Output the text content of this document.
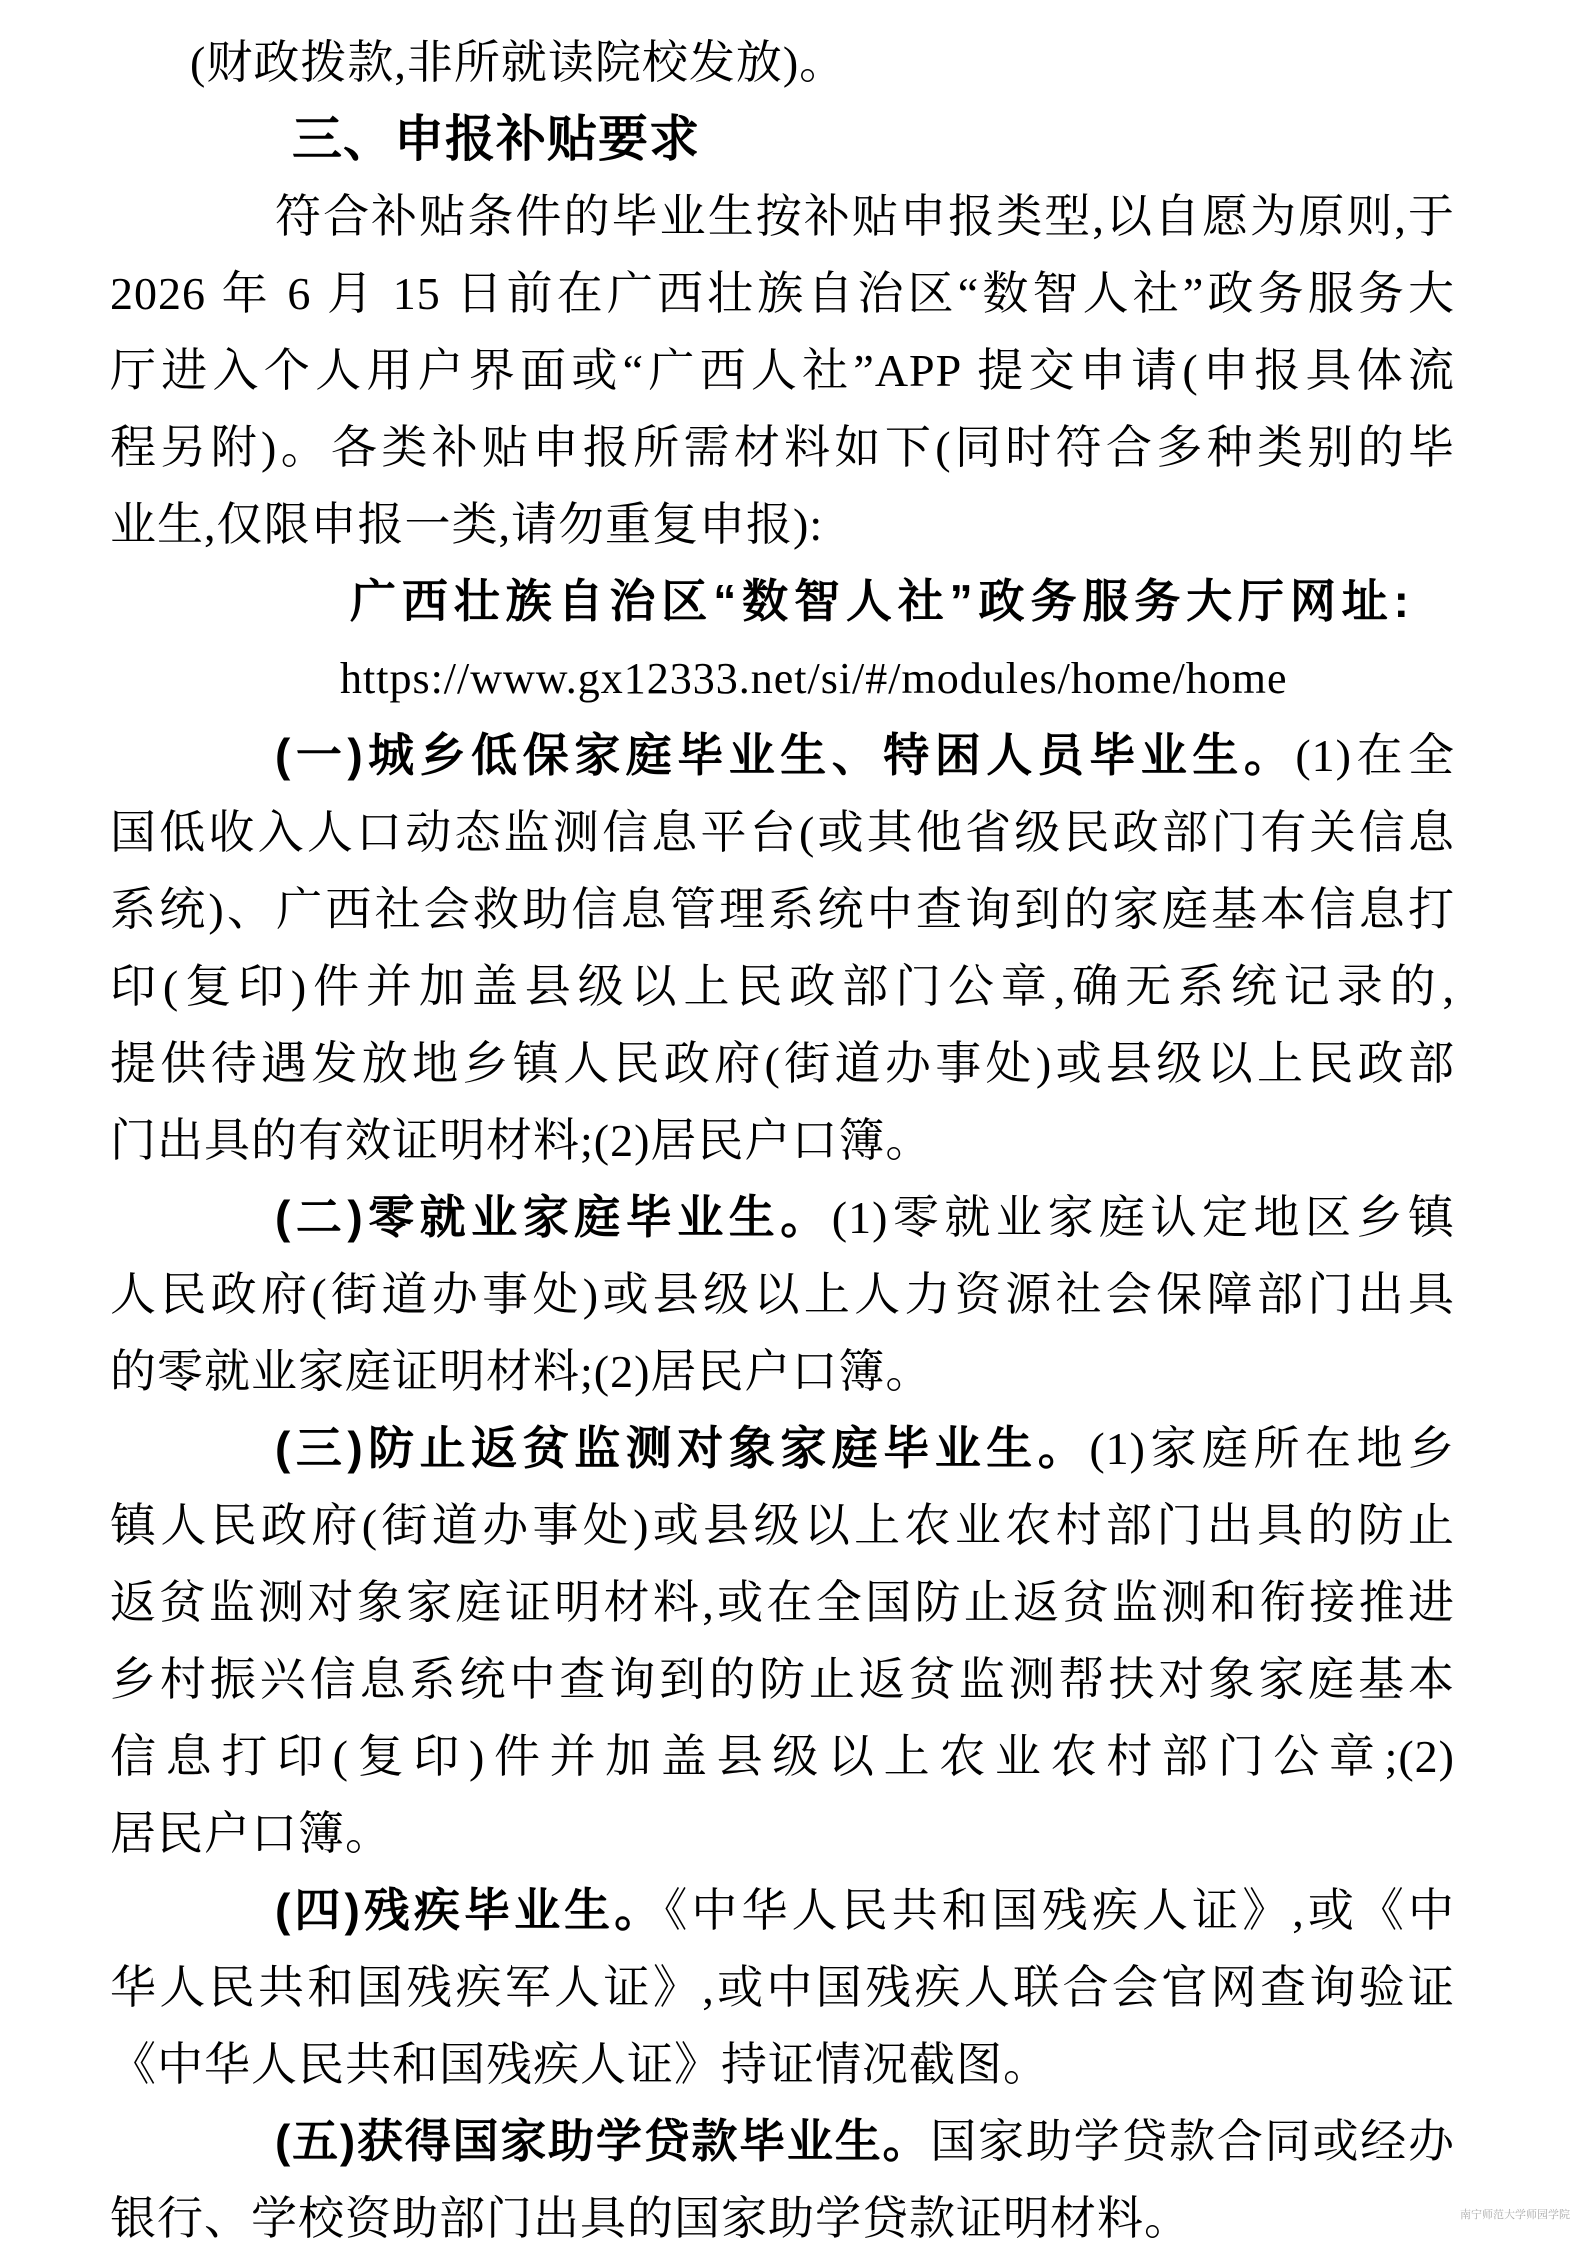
(财政拨款,非所就读院校发放)。
三、申报补贴要求
符合补贴条件的毕业生按补贴申报类型,以自愿为原则,于
2026 年 6 月 15 日前在广西壮族自治区“数智人社”政务服务大
厅进入个人用户界面或“广西人社”APP 提交申请(申报具体流
程另附)。各类补贴申报所需材料如下(同时符合多种类别的毕
业生,仅限申报一类,请勿重复申报):
广西壮族自治区“数智人社”政务服务大厅网址:
https://www.gx12333.net/si/#/modules/home/home
(一)城乡低保家庭毕业生、特困人员毕业生。(1)在全
国低收入人口动态监测信息平台(或其他省级民政部门有关信息
系统)、广西社会救助信息管理系统中查询到的家庭基本信息打
印(复印)件并加盖县级以上民政部门公章,确无系统记录的,
提供待遇发放地乡镇人民政府(街道办事处)或县级以上民政部
门出具的有效证明材料;(2)居民户口簿。
(二)零就业家庭毕业生。(1)零就业家庭认定地区乡镇
人民政府(街道办事处)或县级以上人力资源社会保障部门出具
的零就业家庭证明材料;(2)居民户口簿。
(三)防止返贫监测对象家庭毕业生。(1)家庭所在地乡
镇人民政府(街道办事处)或县级以上农业农村部门出具的防止
返贫监测对象家庭证明材料,或在全国防止返贫监测和衔接推进
乡村振兴信息系统中查询到的防止返贫监测帮扶对象家庭基本
信息打印(复印)件并加盖县级以上农业农村部门公章;(2)
居民户口簿。
(四)残疾毕业生。《中华人民共和国残疾人证》,或《中
华人民共和国残疾军人证》,或中国残疾人联合会官网查询验证
《中华人民共和国残疾人证》持证情况截图。
(五)获得国家助学贷款毕业生。国家助学贷款合同或经办
银行、学校资助部门出具的国家助学贷款证明材料。	南宁师范大学师园学院
